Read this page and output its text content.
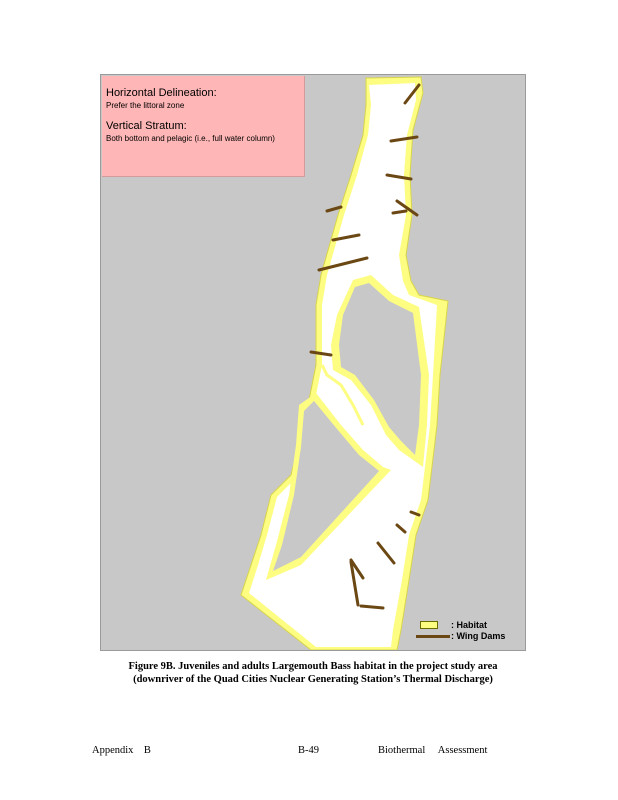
Horizontal Delineation:

Prefer the littoral zone

Vertical Stratum:

Both bottom and pelagic (i.e., full water column)

: Habitat
: Wing Dams
Figure 9B. Juveniles and adults Largemouth Bass habitat in the project study area
(downriver of the Quad Cities Nuclear Generating Station’s Thermal Discharge)
Appendix    B	B-49	Biothermal     Assessment
